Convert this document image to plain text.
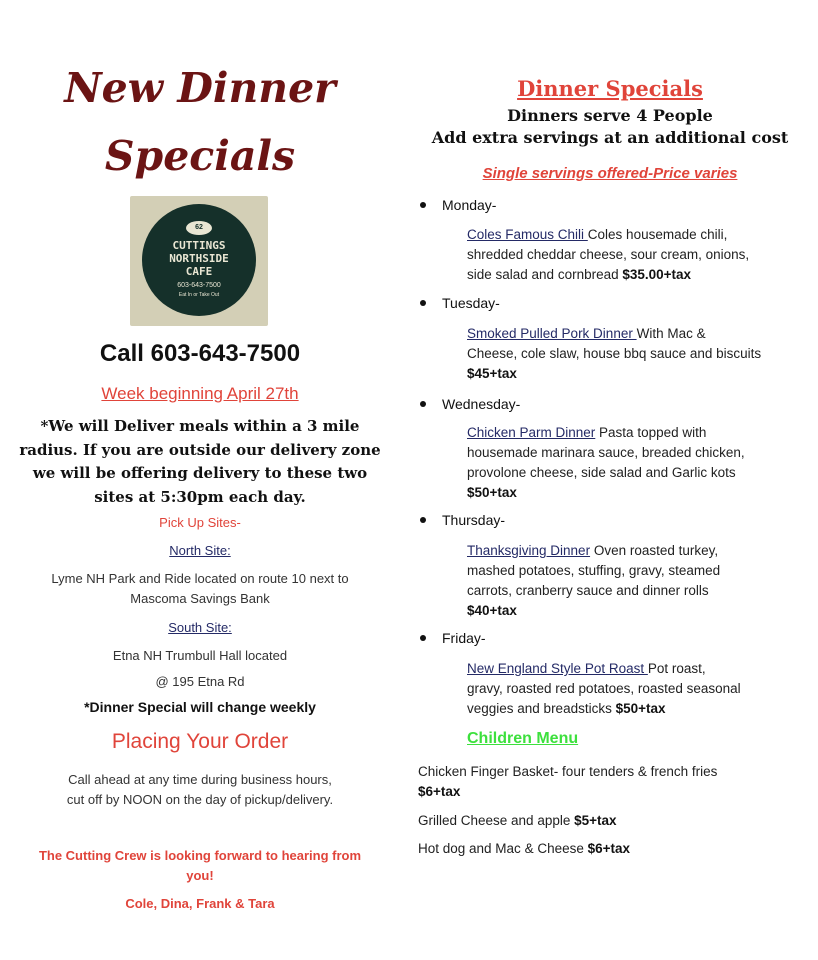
New Dinner
Specials
62
CUTTINGS
NORTHSIDE
CAFE
603-643-7500
Eat In or Take Out
Call 603-643-7500
Week beginning April 27th
*We will Deliver meals within a 3 mile
radius. If you are outside our delivery zone
we will be offering delivery to these two
sites at 5:30pm each day.
Pick Up Sites-
North Site:
Lyme NH Park and Ride located on route 10 next to
Mascoma Savings Bank
South Site:
Etna NH Trumbull Hall located
@ 195 Etna Rd
*Dinner Special will change weekly
Placing Your Order
Call ahead at any time during business hours,
cut off by NOON on the day of pickup/delivery.
The Cutting Crew is looking forward to hearing from
you!
Cole, Dina, Frank & Tara
Dinner Specials
Dinners serve 4 People
Add extra servings at an additional cost
Single servings offered-Price varies
Monday-
Coles Famous Chili Coles housemade chili,
shredded cheddar cheese, sour cream, onions,
side salad and cornbread $35.00+tax
Tuesday-
Smoked Pulled Pork Dinner With Mac &
Cheese, cole slaw, house bbq sauce and biscuits
$45+tax
Wednesday-
Chicken Parm Dinner Pasta topped with
housemade marinara sauce, breaded chicken,
provolone cheese, side salad and Garlic kots
$50+tax
Thursday-
Thanksgiving Dinner Oven roasted turkey,
mashed potatoes, stuffing, gravy, steamed
carrots, cranberry sauce and dinner rolls
$40+tax
Friday-
New England Style Pot Roast Pot roast,
gravy, roasted red potatoes, roasted seasonal
veggies and breadsticks $50+tax
Children Menu
Chicken Finger Basket- four tenders & french fries
$6+tax
Grilled Cheese and apple $5+tax
Hot dog and Mac & Cheese $6+tax
